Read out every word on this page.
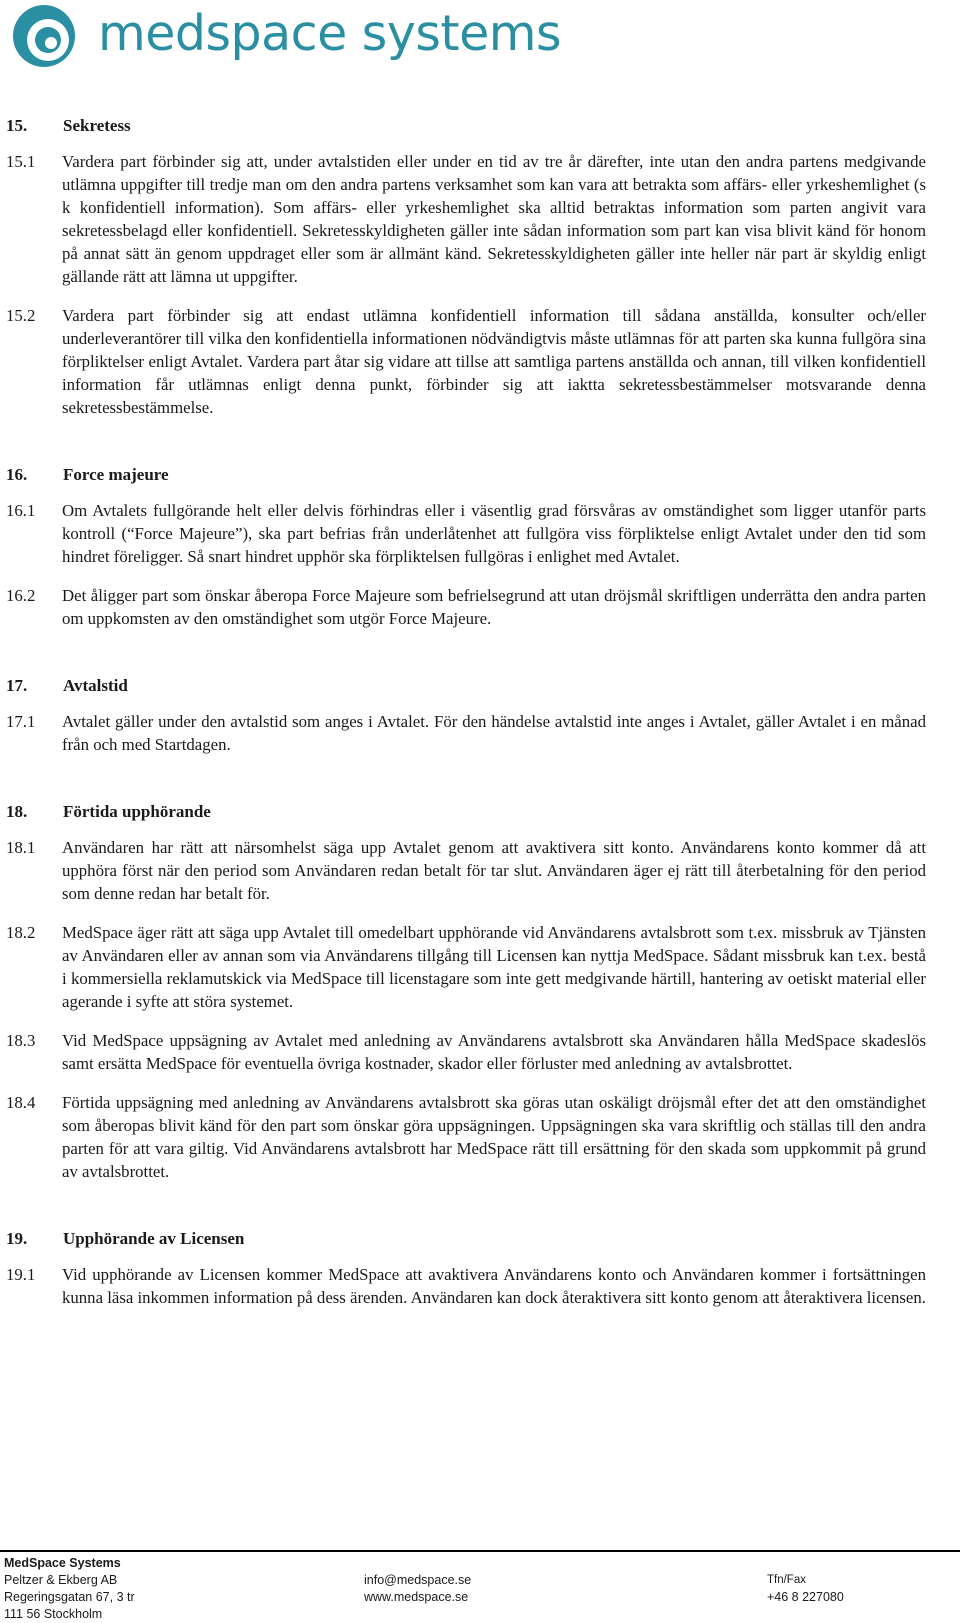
medspace systems
15.	Sekretess
15.1	Vardera part förbinder sig att, under avtalstiden eller under en tid av tre år därefter, inte utan den andra partens medgivande utlämna uppgifter till tredje man om den andra partens verksamhet som kan vara att betrakta som affärs- eller yrkeshemlighet (s k konfidentiell information). Som affärs- eller yrkeshemlighet ska alltid betraktas information som parten angivit vara sekretessbelagd eller konfidentiell. Sekretesskyldigheten gäller inte sådan information som part kan visa blivit känd för honom på annat sätt än genom uppdraget eller som är allmänt känd. Sekretesskyldigheten gäller inte heller när part är skyldig enligt gällande rätt att lämna ut uppgifter.
15.2	Vardera part förbinder sig att endast utlämna konfidentiell information till sådana anställda, konsulter och/eller underleverantörer till vilka den konfidentiella informationen nödvändigtvis måste utlämnas för att parten ska kunna fullgöra sina förpliktelser enligt Avtalet. Vardera part åtar sig vidare att tillse att samtliga partens anställda och annan, till vilken konfidentiell information får utlämnas enligt denna punkt, förbinder sig att iaktta sekretessbestämmelser motsvarande denna sekretessbestämmelse.
16.	Force majeure
16.1	Om Avtalets fullgörande helt eller delvis förhindras eller i väsentlig grad försvåras av omständighet som ligger utanför parts kontroll (“Force Majeure”), ska part befrias från underlåtenhet att fullgöra viss förpliktelse enligt Avtalet under den tid som hindret föreligger. Så snart hindret upphör ska förpliktelsen fullgöras i enlighet med Avtalet.
16.2	Det åligger part som önskar åberopa Force Majeure som befrielsegrund att utan dröjsmål skriftligen underrätta den andra parten om uppkomsten av den omständighet som utgör Force Majeure.
17.	Avtalstid
17.1	Avtalet gäller under den avtalstid som anges i Avtalet. För den händelse avtalstid inte anges i Avtalet, gäller Avtalet i en månad från och med Startdagen.
18.	Förtida upphörande
18.1	Användaren har rätt att närsomhelst säga upp Avtalet genom att avaktivera sitt konto. Användarens konto kommer då att upphöra först när den period som Användaren redan betalt för tar slut. Användaren äger ej rätt till återbetalning för den period som denne redan har betalt för.
18.2	MedSpace äger rätt att säga upp Avtalet till omedelbart upphörande vid Användarens avtalsbrott som t.ex. missbruk av Tjänsten av Användaren eller av annan som via Användarens tillgång till Licensen kan nyttja MedSpace. Sådant missbruk kan t.ex. bestå i kommersiella reklamutskick via MedSpace till licenstagare som inte gett medgivande härtill, hantering av oetiskt material eller agerande i syfte att störa systemet.
18.3	Vid MedSpace uppsägning av Avtalet med anledning av Användarens avtalsbrott ska Användaren hålla MedSpace skadeslös samt ersätta MedSpace för eventuella övriga kostnader, skador eller förluster med anledning av avtalsbrottet.
18.4	Förtida uppsägning med anledning av Användarens avtalsbrott ska göras utan oskäligt dröjsmål efter det att den omständighet som åberopas blivit känd för den part som önskar göra uppsägningen. Uppsägningen ska vara skriftlig och ställas till den andra parten för att vara giltig. Vid Användarens avtalsbrott har MedSpace rätt till ersättning för den skada som uppkommit på grund av avtalsbrottet.
19.	Upphörande av Licensen
19.1	Vid upphörande av Licensen kommer MedSpace att avaktivera Användarens konto och Användaren kommer i fortsättningen kunna läsa inkommen information på dess ärenden. Användaren kan dock återaktivera sitt konto genom att återaktivera licensen.
MedSpace Systems
Peltzer & Ekberg AB
Regeringsgatan 67, 3 tr
111 56 Stockholm
info@medspace.se
www.medspace.se
Tfn/Fax
+46 8 227080
